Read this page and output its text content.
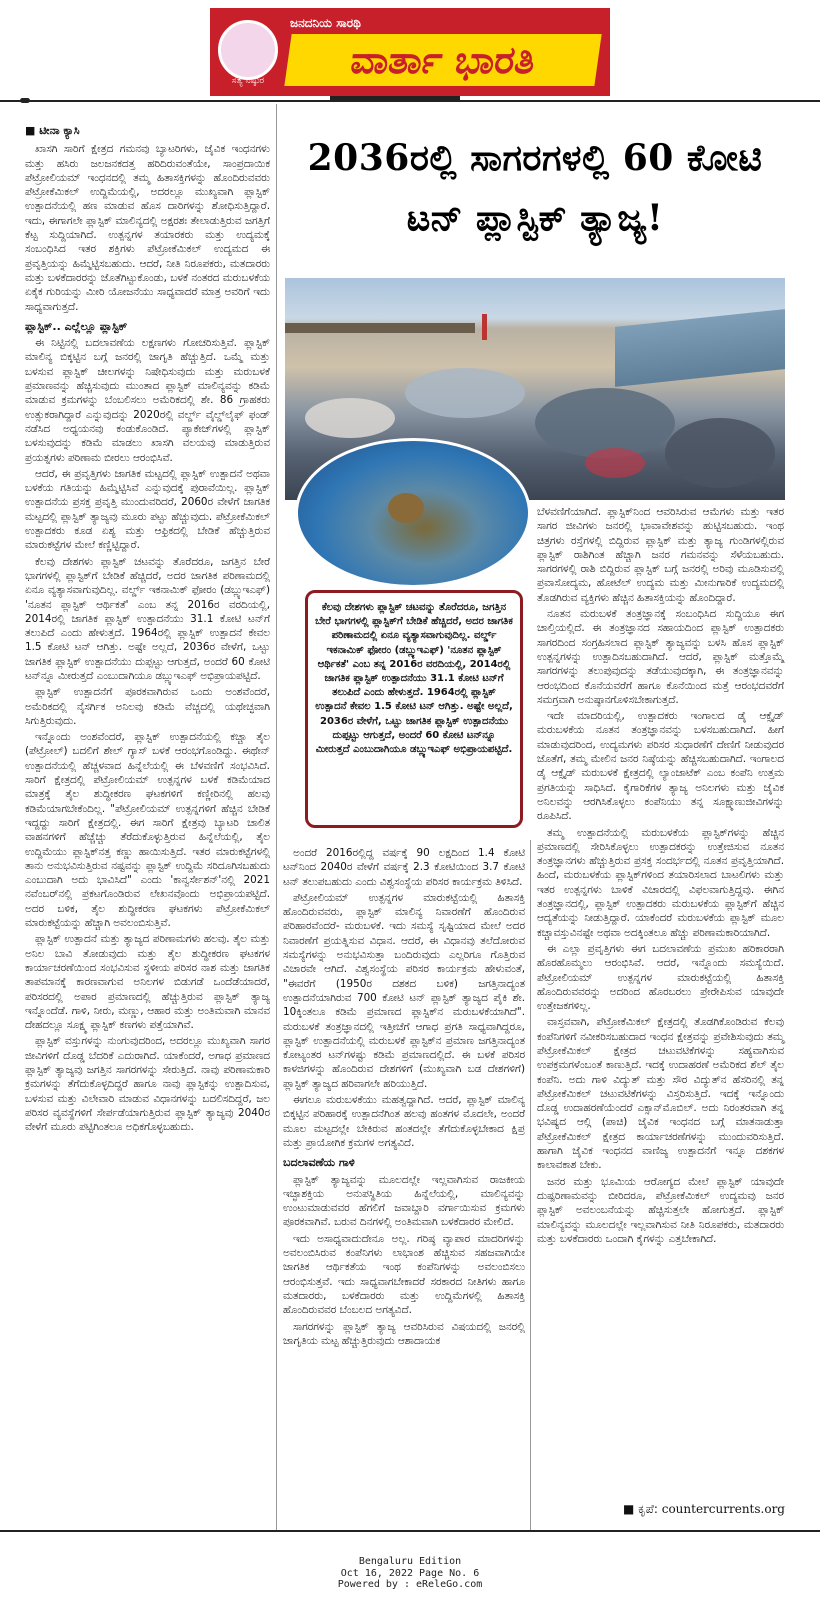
ಸತ್ಯ ನಿಷ್ಠುರ
ಜನದನಿಯ ಸಾರಥಿ
ವಾರ್ತಾ ಭಾರತಿ
2036ರಲ್ಲಿ ಸಾಗರಗಳಲ್ಲಿ 60 ಕೋಟಿ ಟನ್ ಪ್ಲಾಸ್ಟಿಕ್ ತ್ಯಾಜ್ಯ!
ಕೆಲವು ದೇಶಗಳು ಪ್ಲಾಸ್ಟಿಕ್ ಚಟವನ್ನು ತೊರೆದರೂ, ಜಗತ್ತಿನ ಬೇರೆ ಭಾಗಗಳಲ್ಲಿ ಪ್ಲಾಸ್ಟಿಕ್‌ಗೆ ಬೇಡಿಕೆ ಹೆಚ್ಚಿದರೆ, ಅದರ ಜಾಗತಿಕ ಪರಿಣಾಮದಲ್ಲಿ ಏನೂ ವ್ಯತ್ಯಾಸವಾಗುವುದಿಲ್ಲ. ವರ್ಲ್ಡ್ ಇಕನಾಮಿಕ್ ಫೋರಂ (ಡಬ್ಲ್ಯುಇಎಫ್) 'ನೂತನ ಪ್ಲಾಸ್ಟಿಕ್ ಆರ್ಥಿಕತೆ' ಎಂಬ ತನ್ನ 2016ರ ವರದಿಯಲ್ಲಿ, 2014ರಲ್ಲಿ ಜಾಗತಿಕ ಪ್ಲಾಸ್ಟಿಕ್ ಉತ್ಪಾದನೆಯು 31.1 ಕೋಟಿ ಟನ್‌ಗೆ ತಲುಪಿದೆ ಎಂದು ಹೇಳುತ್ತದೆ. 1964ರಲ್ಲಿ ಪ್ಲಾಸ್ಟಿಕ್ ಉತ್ಪಾದನೆ ಕೇವಲ 1.5 ಕೋಟಿ ಟನ್ ಆಗಿತ್ತು. ಅಷ್ಟೇ ಅಲ್ಲದೆ, 2036ರ ವೇಳೆಗೆ, ಒಟ್ಟು ಜಾಗತಿಕ ಪ್ಲಾಸ್ಟಿಕ್ ಉತ್ಪಾದನೆಯು ದುಪ್ಪಟ್ಟು ಆಗುತ್ತದೆ, ಅಂದರೆ 60 ಕೋಟಿ ಟನ್‌ನ್ನೂ ಮೀರುತ್ತದೆ ಎಂಬುದಾಗಿಯೂ ಡಬ್ಲ್ಯುಇಎಫ್ ಅಭಿಪ್ರಾಯಪಟ್ಟಿದೆ.
■ ಟೀನಾ ಕ್ಯಾಸಿ

ಖಾಸಗಿ ಸಾರಿಗೆ ಕ್ಷೇತ್ರದ ಗಮನವು ಬ್ಯಾಟರಿಗಳು, ಜೈವಿಕ ಇಂಧನಗಳು ಮತ್ತು ಹಸಿರು ಜಲಜನಕದತ್ತ ಹರಿದಿರುವಂತೆಯೇ, ಸಾಂಪ್ರದಾಯಿಕ ಪೆಟ್ರೋಲಿಯಮ್ ಇಂಧನದಲ್ಲಿ ತಮ್ಮ ಹಿತಾಸಕ್ತಿಗಳನ್ನು ಹೊಂದಿರುವವರು ಪೆಟ್ರೋಕೆಮಿಕಲ್ ಉದ್ದಿಮೆಯಲ್ಲಿ, ಅದರಲ್ಲೂ ಮುಖ್ಯವಾಗಿ ಪ್ಲಾಸ್ಟಿಕ್ ಉತ್ಪಾದನೆಯಲ್ಲಿ ಹಣ ಮಾಡುವ ಹೊಸ ದಾರಿಗಳನ್ನು ಶೋಧಿಸುತ್ತಿದ್ದಾರೆ. ಇದು, ಈಗಾಗಲೇ ಪ್ಲಾಸ್ಟಿಕ್ ಮಾಲಿನ್ಯದಲ್ಲಿ ಅಕ್ಷರಶಃ ತೇಲಾಡುತ್ತಿರುವ ಜಗತ್ತಿಗೆ ಕೆಟ್ಟ ಸುದ್ದಿಯಾಗಿದೆ. ಉತ್ಪನ್ನಗಳ ತಯಾರಕರು ಮತ್ತು ಉದ್ಯಮಕ್ಕೆ ಸಂಬಂಧಿಸಿದ ಇತರ ಶಕ್ತಿಗಳು ಪೆಟ್ರೋಕೆಮಿಕಲ್ ಉದ್ಯಮದ ಈ ಪ್ರವೃತ್ತಿಯನ್ನು ಹಿಮ್ಮೆಟ್ಟಿಸಬಹುದು. ಆದರೆ, ನೀತಿ ನಿರೂಪಕರು, ಮತದಾರರು ಮತ್ತು ಬಳಕೆದಾರರನ್ನು ಜೊತೆಗಿಟ್ಟುಕೊಂಡು, ಬಳಕೆ ನಂತರದ ಮರುಬಳಕೆಯ ಏಕೈಕ ಗುರಿಯನ್ನು ಮೀರಿ ಯೋಜನೆಯು ಸಾಧ್ಯವಾದರೆ ಮಾತ್ರ ಅವರಿಗೆ ಇದು ಸಾಧ್ಯವಾಗುತ್ತದೆ.

ಪ್ಲಾಸ್ಟಿಕ್.. ಎಲ್ಲೆಲ್ಲೂ ಪ್ಲಾಸ್ಟಿಕ್

ಈ ನಿಟ್ಟಿನಲ್ಲಿ ಬದಲಾವಣೆಯ ಲಕ್ಷಣಗಳು ಗೋಚರಿಸುತ್ತಿವೆ. ಪ್ಲಾಸ್ಟಿಕ್ ಮಾಲಿನ್ಯ ಬಿಕ್ಕಟ್ಟಿನ ಬಗ್ಗೆ ಜನರಲ್ಲಿ ಜಾಗೃತಿ ಹೆಚ್ಚುತ್ತಿದೆ. ಒಮ್ಮೆ ಮತ್ತು ಬಳಸುವ ಪ್ಲಾಸ್ಟಿಕ್ ಚೀಲಗಳನ್ನು ನಿಷೇಧಿಸುವುದು ಮತ್ತು ಮರುಬಳಕೆ ಪ್ರಮಾಣವನ್ನು ಹೆಚ್ಚಿಸುವುದು ಮುಂತಾದ ಪ್ಲಾಸ್ಟಿಕ್ ಮಾಲಿನ್ಯವನ್ನು ಕಡಿಮೆ ಮಾಡುವ ಕ್ರಮಗಳನ್ನು ಬೆಂಬಲಿಸಲು ಅಮೆರಿಕದಲ್ಲಿ ಶೇ. 86 ಗ್ರಾಹಕರು ಉತ್ಸುಕರಾಗಿದ್ದಾರೆ ಎನ್ನುವುದನ್ನು 2020ರಲ್ಲಿ ವರ್ಲ್ಡ್ ವೈಲ್ಡ್‌ಲೈಫ್ ಫಂಡ್ ನಡೆಸಿದ ಅಧ್ಯಯನವು ಕಂಡುಕೊಂಡಿದೆ. ಪ್ಯಾಕೇಜ್‌ಗಳಲ್ಲಿ ಪ್ಲಾಸ್ಟಿಕ್ ಬಳಸುವುದನ್ನು ಕಡಿಮೆ ಮಾಡಲು ಖಾಸಗಿ ವಲಯವು ಮಾಡುತ್ತಿರುವ ಪ್ರಯತ್ನಗಳು ಪರಿಣಾಮ ಬೀರಲು ಆರಂಭಿಸಿವೆ.

ಆದರೆ, ಈ ಪ್ರವೃತ್ತಿಗಳು ಜಾಗತಿಕ ಮಟ್ಟದಲ್ಲಿ ಪ್ಲಾಸ್ಟಿಕ್ ಉತ್ಪಾದನೆ ಅಥವಾ ಬಳಕೆಯ ಗತಿಯನ್ನು ಹಿಮ್ಮೆಟ್ಟಿಸಿವೆ ಎನ್ನುವುದಕ್ಕೆ ಪುರಾವೆಯಿಲ್ಲ. ಪ್ಲಾಸ್ಟಿಕ್ ಉತ್ಪಾದನೆಯ ಪ್ರಸಕ್ತ ಪ್ರವೃತ್ತಿ ಮುಂದುವರಿದರೆ, 2060ರ ವೇಳೆಗೆ ಜಾಗತಿಕ ಮಟ್ಟದಲ್ಲಿ ಪ್ಲಾಸ್ಟಿಕ್ ತ್ಯಾಜ್ಯವು ಮೂರು ಪಟ್ಟು ಹೆಚ್ಚುವುದು. ಪೆಟ್ರೋಕೆಮಿಕಲ್ ಉತ್ಪಾದಕರು ಕೂಡ ಏಶ್ಯ ಮತ್ತು ಆಫ್ರಿಕದಲ್ಲಿ ಬೇಡಿಕೆ ಹೆಚ್ಚುತ್ತಿರುವ ಮಾರುಕಟ್ಟೆಗಳ ಮೇಲೆ ಕಣ್ಣಿಟ್ಟಿದ್ದಾರೆ.

ಕೆಲವು ದೇಶಗಳು ಪ್ಲಾಸ್ಟಿಕ್ ಚಟವನ್ನು ತೊರೆದರೂ, ಜಗತ್ತಿನ ಬೇರೆ ಭಾಗಗಳಲ್ಲಿ ಪ್ಲಾಸ್ಟಿಕ್‌ಗೆ ಬೇಡಿಕೆ ಹೆಚ್ಚಿದರೆ, ಅದರ ಜಾಗತಿಕ ಪರಿಣಾಮದಲ್ಲಿ ಏನೂ ವ್ಯತ್ಯಾಸವಾಗುವುದಿಲ್ಲ. ವರ್ಲ್ಡ್ ಇಕನಾಮಿಕ್ ಫೋರಂ (ಡಬ್ಲ್ಯುಇಎಫ್) 'ನೂತನ ಪ್ಲಾಸ್ಟಿಕ್ ಆರ್ಥಿಕತೆ' ಎಂಬ ತನ್ನ 2016ರ ವರದಿಯಲ್ಲಿ, 2014ರಲ್ಲಿ ಜಾಗತಿಕ ಪ್ಲಾಸ್ಟಿಕ್ ಉತ್ಪಾದನೆಯು 31.1 ಕೋಟಿ ಟನ್‌ಗೆ ತಲುಪಿದೆ ಎಂದು ಹೇಳುತ್ತದೆ. 1964ರಲ್ಲಿ ಪ್ಲಾಸ್ಟಿಕ್ ಉತ್ಪಾದನೆ ಕೇವಲ 1.5 ಕೋಟಿ ಟನ್ ಆಗಿತ್ತು. ಅಷ್ಟೇ ಅಲ್ಲದೆ, 2036ರ ವೇಳೆಗೆ, ಒಟ್ಟು ಜಾಗತಿಕ ಪ್ಲಾಸ್ಟಿಕ್ ಉತ್ಪಾದನೆಯು ದುಪ್ಪಟ್ಟು ಆಗುತ್ತದೆ, ಅಂದರೆ 60 ಕೋಟಿ ಟನ್‌ನ್ನೂ ಮೀರುತ್ತದೆ ಎಂಬುದಾಗಿಯೂ ಡಬ್ಲ್ಯುಇಎಫ್ ಅಭಿಪ್ರಾಯಪಟ್ಟಿದೆ.

ಪ್ಲಾಸ್ಟಿಕ್ ಉತ್ಪಾದನೆಗೆ ಪೂರಕವಾಗಿರುವ ಒಂದು ಅಂಶವೆಂದರೆ, ಅಮೆರಿಕದಲ್ಲಿ ನೈಸರ್ಗಿಕ ಅನಿಲವು ಕಡಿಮೆ ವೆಚ್ಚದಲ್ಲಿ ಯಥೇಚ್ಛವಾಗಿ ಸಿಗುತ್ತಿರುವುದು.

ಇನ್ನೊಂದು ಅಂಶವೆಂದರೆ, ಪ್ಲಾಸ್ಟಿಕ್ ಉತ್ಪಾದನೆಯಲ್ಲಿ ಕಚ್ಚಾ ತೈಲ (ಪೆಟ್ರೋಲ್) ಬದಲಿಗೆ ಶೇಲ್ ಗ್ಯಾಸ್ ಬಳಕೆ ಆರಂಭಗೊಂಡಿದ್ದು. ಈಥೇನ್ ಉತ್ಪಾದನೆಯಲ್ಲಿ ಹೆಚ್ಚಳವಾದ ಹಿನ್ನೆಲೆಯಲ್ಲಿ ಈ ಬೆಳವಣಿಗೆ ಸಂಭವಿಸಿದೆ. ಸಾರಿಗೆ ಕ್ಷೇತ್ರದಲ್ಲಿ ಪೆಟ್ರೋಲಿಯಮ್ ಉತ್ಪನ್ನಗಳ ಬಳಕೆ ಕಡಿಮೆಯಾದ ಮಾತ್ರಕ್ಕೆ ತೈಲ ಶುದ್ಧೀಕರಣ ಘಟಕಗಳಿಗೆ ಕಣ್ಣೀರಿನಲ್ಲಿ ಹಲವು ಕಡಿಮೆಯಾಗಬೇಕೆಂದಿಲ್ಲ. "ಪೆಟ್ರೋಲಿಯಮ್ ಉತ್ಪನ್ನಗಳಿಗೆ ಹೆಚ್ಚಿನ ಬೇಡಿಕೆ ಇದ್ದದ್ದು ಸಾರಿಗೆ ಕ್ಷೇತ್ರದಲ್ಲಿ. ಈಗ ಸಾರಿಗೆ ಕ್ಷೇತ್ರವು ಬ್ಯಾಟರಿ ಚಾಲಿತ ವಾಹನಗಳಿಗೆ ಹೆಚ್ಚೆಚ್ಚು ತೆರೆದುಕೊಳ್ಳುತ್ತಿರುವ ಹಿನ್ನೆಲೆಯಲ್ಲಿ, ತೈಲ ಉದ್ದಿಮೆಯು ಪ್ಲಾಸ್ಟಿಕ್‌ನತ್ತ ಕಣ್ಣು ಹಾಯಿಸುತ್ತಿದೆ. ಇತರ ಮಾರುಕಟ್ಟೆಗಳಲ್ಲಿ ತಾನು ಅನುಭವಿಸುತ್ತಿರುವ ನಷ್ಟವನ್ನು ಪ್ಲಾಸ್ಟಿಕ್ ಉದ್ದಿಮೆ ಸರಿದೂಗಿಸಬಹುದು ಎಂಬುದಾಗಿ ಅದು ಭಾವಿಸಿದೆ" ಎಂದು 'ಕಾನ್ವರ್ಸೇಶನ್'ನಲ್ಲಿ 2021 ನವೆಂಬರ್‌ನಲ್ಲಿ ಪ್ರಕಟಗೊಂಡಿರುವ ಲೇಖನವೊಂದು ಅಭಿಪ್ರಾಯಪಟ್ಟಿದೆ. ಅದರ ಬಳಿಕ, ತೈಲ ಶುದ್ಧೀಕರಣ ಘಟಕಗಳು ಪೆಟ್ರೋಕೆಮಿಕಲ್ ಮಾರುಕಟ್ಟೆಯನ್ನು ಹೆಚ್ಚಾಗಿ ಅವಲಂಬಿಸುತ್ತಿವೆ.

ಪ್ಲಾಸ್ಟಿಕ್ ಉತ್ಪಾದನೆ ಮತ್ತು ತ್ಯಾಜ್ಯದ ಪರಿಣಾಮಗಳು ಹಲವು. ತೈಲ ಮತ್ತು ಅನಿಲ ಬಾವಿ ತೋಡುವುದು ಮತ್ತು ತೈಲ ಶುದ್ಧೀಕರಣ ಘಟಕಗಳ ಕಾರ್ಯಾಚರಣೆಯಿಂದ ಸಂಭವಿಸುವ ಸ್ಥಳೀಯ ಪರಿಸರ ನಾಶ ಮತ್ತು ಜಾಗತಿಕ ತಾಪಮಾನಕ್ಕೆ ಕಾರಣವಾಗುವ ಅನಿಲಗಳ ಬಿಡುಗಡೆ ಒಂದೆಡೆಯಾದರೆ, ಪರಿಸರದಲ್ಲಿ ಅಪಾರ ಪ್ರಮಾಣದಲ್ಲಿ ಹೆಚ್ಚುತ್ತಿರುವ ಪ್ಲಾಸ್ಟಿಕ್ ತ್ಯಾಜ್ಯ ಇನ್ನೊಂದೆಡೆ. ಗಾಳಿ, ನೀರು, ಮಣ್ಣು, ಆಹಾರ ಮತ್ತು ಅಂತಿಮವಾಗಿ ಮಾನವ ದೇಹದಲ್ಲೂ ಸೂಕ್ಷ್ಮ ಪ್ಲಾಸ್ಟಿಕ್ ಕಣಗಳು ಪತ್ತೆಯಾಗಿವೆ.

ಪ್ಲಾಸ್ಟಿಕ್ ವಸ್ತುಗಳನ್ನು ನುಂಗುವುದರಿಂದ, ಅದರಲ್ಲೂ ಮುಖ್ಯವಾಗಿ ಸಾಗರ ಜೀವಿಗಳಿಗೆ ದೊಡ್ಡ ಬೆದರಿಕೆ ಎದುರಾಗಿದೆ. ಯಾಕೆಂದರೆ, ಅಗಾಧ ಪ್ರಮಾಣದ ಪ್ಲಾಸ್ಟಿಕ್ ತ್ಯಾಜ್ಯವು ಜಗತ್ತಿನ ಸಾಗರಗಳನ್ನು ಸೇರುತ್ತಿದೆ. ನಾವು ಪರಿಣಾಮಕಾರಿ ಕ್ರಮಗಳನ್ನು ತೆಗೆದುಕೊಳ್ಳದಿದ್ದರೆ ಹಾಗೂ ನಾವು ಪ್ಲಾಸ್ಟಿಕನ್ನು ಉತ್ಪಾದಿಸುವ, ಬಳಸುವ ಮತ್ತು ವಿಲೇವಾರಿ ಮಾಡುವ ವಿಧಾನಗಳನ್ನು ಬದಲಿಸದಿದ್ದರೆ, ಜಲ ಪರಿಸರ ವ್ಯವಸ್ಥೆಗಳಿಗೆ ಸೇರ್ಪಡೆಯಾಗುತ್ತಿರುವ ಪ್ಲಾಸ್ಟಿಕ್ ತ್ಯಾಜ್ಯವು 2040ರ ವೇಳೆಗೆ ಮೂರು ಪಟ್ಟಿಗಿಂತಲೂ ಅಧಿಕಗೊಳ್ಳಬಹುದು.

ಅಂದರೆ 2016ರಲ್ಲಿದ್ದ ವರ್ಷಕ್ಕೆ 90 ಲಕ್ಷದಿಂದ 1.4 ಕೋಟಿ ಟನ್‌ನಿಂದ 2040ರ ವೇಳೆಗೆ ವರ್ಷಕ್ಕೆ 2.3 ಕೋಟಿಯಿಂದ 3.7 ಕೋಟಿ ಟನ್ ತಲುಪಬಹುದು ಎಂದು ವಿಶ್ವಸಂಸ್ಥೆಯ ಪರಿಸರ ಕಾರ್ಯಕ್ರಮ ತಿಳಿಸಿದೆ.

ಪೆಟ್ರೋಲಿಯಮ್ ಉತ್ಪನ್ನಗಳ ಮಾರುಕಟ್ಟೆಯಲ್ಲಿ ಹಿತಾಸಕ್ತಿ ಹೊಂದಿರುವವರು, ಪ್ಲಾಸ್ಟಿಕ್ ಮಾಲಿನ್ಯ ನಿವಾರಣೆಗೆ ಹೊಂದಿರುವ ಪರಿಹಾರವೆಂದರೆ- ಮರುಬಳಕೆ. ಇದು ಸಮಸ್ಯೆ ಸೃಷ್ಟಿಯಾದ ಮೇಲೆ ಅದರ ನಿವಾರಣೆಗೆ ಪ್ರಯತ್ನಿಸುವ ವಿಧಾನ. ಆದರೆ, ಈ ವಿಧಾನವು ತಲೆದೋರುವ ಸಮಸ್ಯೆಗಳನ್ನು ಅನುಭವಿಸುತ್ತಾ ಬಂದಿರುವುದು ಎಲ್ಲರಿಗೂ ಗೊತ್ತಿರುವ ವಿಚಾರವೇ ಆಗಿದೆ. ವಿಶ್ವಸಂಸ್ಥೆಯ ಪರಿಸರ ಕಾರ್ಯಕ್ರಮ ಹೇಳುವಂತೆ, "ಈವರೆಗೆ (1950ರ ದಶಕದ ಬಳಿಕ) ಜಗತ್ತಿನಾದ್ಯಂತ ಉತ್ಪಾದನೆಯಾಗಿರುವ 700 ಕೋಟಿ ಟನ್ ಪ್ಲಾಸ್ಟಿಕ್ ತ್ಯಾಜ್ಯದ ಪೈಕಿ ಶೇ. 10ಕ್ಕಿಂತಲೂ ಕಡಿಮೆ ಪ್ರಮಾಣದ ಪ್ಲಾಸ್ಟಿಕ್‌ನ ಮರುಬಳಕೆಯಾಗಿದೆ". ಮರುಬಳಕೆ ತಂತ್ರಜ್ಞಾನದಲ್ಲಿ ಇತ್ತೀಚೆಗೆ ಆಗಾಧ ಪ್ರಗತಿ ಸಾಧ್ಯವಾಗಿದ್ದರೂ, ಪ್ಲಾಸ್ಟಿಕ್ ಉತ್ಪಾದನೆಯಲ್ಲಿ ಮರುಬಳಕೆ ಪ್ಲಾಸ್ಟಿಕ್‌ನ ಪ್ರಮಾಣ ಜಗತ್ತಿನಾದ್ಯಂತ ಕೋಟ್ಯಂತರ ಟನ್‌ಗಳಷ್ಟು ಕಡಿಮೆ ಪ್ರಮಾಣದಲ್ಲಿದೆ. ಈ ಬಳಕೆ ಪರಿಸರ ಕಾಳಜಿಗಳನ್ನು ಹೊಂದಿರುವ ದೇಶಗಳಿಗೆ (ಮುಖ್ಯವಾಗಿ ಬಡ ದೇಶಗಳಿಗೆ) ಪ್ಲಾಸ್ಟಿಕ್ ತ್ಯಾಜ್ಯದ ಹರಿವಾಗಲೇ ಹರಿಯುತ್ತಿದೆ.

ಈಗಲೂ ಮರುಬಳಕೆಯು ಮಹತ್ವದ್ದಾಗಿದೆ. ಆದರೆ, ಪ್ಲಾಸ್ಟಿಕ್ ಮಾಲಿನ್ಯ ಬಿಕ್ಕಟ್ಟಿನ ಪರಿಹಾರಕ್ಕೆ ಉತ್ಪಾದನೆಗಿಂತ ಹಲವು ಹಂತಗಳ ಮೊದಲೇ, ಅಂದರೆ ಮೂಲ ಮಟ್ಟದಲ್ಲೇ ಬೇಕಿರುವ ಹಂತದಲ್ಲೇ ತೆಗೆದುಕೊಳ್ಳಬೇಕಾದ ಕ್ಷಿಪ್ರ ಮತ್ತು ಪ್ರಾಯೋಗಿಕ ಕ್ರಮಗಳ ಅಗತ್ಯವಿದೆ.

ಬದಲಾವಣೆಯ ಗಾಳಿ

ಪ್ಲಾಸ್ಟಿಕ್ ತ್ಯಾಜ್ಯವನ್ನು ಮೂಲದಲ್ಲೇ ಇಲ್ಲವಾಗಿಸುವ ರಾಜಕೀಯ ಇಚ್ಛಾಶಕ್ತಿಯ ಅನುಪಸ್ಥಿತಿಯ ಹಿನ್ನೆಲೆಯಲ್ಲಿ, ಮಾಲಿನ್ಯವನ್ನು ಉಂಟುಮಾಡುವವರ ಹೆಗಲಿಗೆ ಜವಾಬ್ದಾರಿ ವರ್ಗಾಯಿಸುವ ಕ್ರಮಗಳು ಪೂರಕವಾಗಿವೆ. ಬರುವ ದಿನಗಳಲ್ಲಿ ಅಂತಿಮವಾಗಿ ಬಳಕೆದಾರರ ಮೇಲಿದೆ.

ಇದು ಅಸಾಧ್ಯವಾದುದೇನೂ ಅಲ್ಲ. ಗರಿಷ್ಠ ವ್ಯಾಪಾರ ಮಾದರಿಗಳನ್ನು ಅವಲಂಬಿಸಿರುವ ಕಂಪೆನಿಗಳು ಲಾಭಾಂಶ ಹೆಚ್ಚಿಸುವ ಸಹಜವಾಗಿಯೇ ಜಾಗತಿಕ ಆರ್ಥಿಕತೆಯ ಇಂಥ ಕಂಪೆನಿಗಳನ್ನು ಅವಲಂಬಿಸಲು ಆರಂಭಿಸುತ್ತವೆ. ಇದು ಸಾಧ್ಯವಾಗಬೇಕಾದರೆ ಸರಕಾರದ ನೀತಿಗಳು ಹಾಗೂ ಮತದಾರರು, ಬಳಕೆದಾರರು ಮತ್ತು ಉದ್ದಿಮೆಗಳಲ್ಲಿ ಹಿತಾಸಕ್ತಿ ಹೊಂದಿರುವವರ ಬೆಂಬಲದ ಅಗತ್ಯವಿದೆ.

ಸಾಗರಗಳನ್ನು ಪ್ಲಾಸ್ಟಿಕ್ ತ್ಯಾಜ್ಯ ಆವರಿಸಿರುವ ವಿಷಯದಲ್ಲಿ ಜನರಲ್ಲಿ ಜಾಗೃತಿಯ ಮಟ್ಟ ಹೆಚ್ಚುತ್ತಿರುವುದು ಆಶಾದಾಯಕ

ಬೆಳವಣಿಗೆಯಾಗಿದೆ. ಪ್ಲಾಸ್ಟಿಕ್‌ನಿಂದ ಆವರಿಸಿರುವ ಆಮೆಗಳು ಮತ್ತು ಇತರ ಸಾಗರ ಜೀವಿಗಳು ಜನರಲ್ಲಿ ಭಾವಾವೇಶವನ್ನು ಹುಟ್ಟಿಸಬಹುದು. ಇಂಥ ಚಿತ್ರಗಳು ರಸ್ತೆಗಳಲ್ಲಿ ಬಿದ್ದಿರುವ ಪ್ಲಾಸ್ಟಿಕ್ ಮತ್ತು ತ್ಯಾಜ್ಯ ಗುಂಡಿಗಳಲ್ಲಿರುವ ಪ್ಲಾಸ್ಟಿಕ್ ರಾಶಿಗಿಂತ ಹೆಚ್ಚಾಗಿ ಜನರ ಗಮನವನ್ನು ಸೆಳೆಯಬಹುದು. ಸಾಗರಗಳಲ್ಲಿ ರಾಶಿ ಬಿದ್ದಿರುವ ಪ್ಲಾಸ್ಟಿಕ್ ಬಗ್ಗೆ ಜನರಲ್ಲಿ ಅರಿವು ಮೂಡಿಸುವಲ್ಲಿ ಪ್ರವಾಸೋದ್ಯಮ, ಹೋಟೆಲ್ ಉದ್ಯಮ ಮತ್ತು ಮೀನುಗಾರಿಕೆ ಉದ್ಯಮದಲ್ಲಿ ತೊಡಗಿರುವ ವ್ಯಕ್ತಿಗಳು ಹೆಚ್ಚಿನ ಹಿತಾಸಕ್ತಿಯನ್ನು ಹೊಂದಿದ್ದಾರೆ.

ನೂತನ ಮರುಬಳಕೆ ತಂತ್ರಜ್ಞಾನಕ್ಕೆ ಸಂಬಂಧಿಸಿದ ಸುದ್ದಿಯೂ ಈಗ ಚಾಲ್ತಿಯಲ್ಲಿದೆ. ಈ ತಂತ್ರಜ್ಞಾನದ ಸಹಾಯದಿಂದ ಪ್ಲಾಸ್ಟಿಕ್ ಉತ್ಪಾದಕರು ಸಾಗರದಿಂದ ಸಂಗ್ರಹಿಸಲಾದ ಪ್ಲಾಸ್ಟಿಕ್ ತ್ಯಾಜ್ಯವನ್ನು ಬಳಸಿ ಹೊಸ ಪ್ಲಾಸ್ಟಿಕ್ ಉತ್ಪನ್ನಗಳನ್ನು ಉತ್ಪಾದಿಸಬಹುದಾಗಿದೆ. ಆದರೆ, ಪ್ಲಾಸ್ಟಿಕ್ ಮತ್ತೊಮ್ಮೆ ಸಾಗರಗಳನ್ನು ತಲುಪುವುದನ್ನು ತಡೆಯುವುದಕ್ಕಾಗಿ, ಈ ತಂತ್ರಜ್ಞಾನವನ್ನು ಆರಂಭದಿಂದ ಕೊನೆಯವರೆಗೆ ಹಾಗೂ ಕೊನೆಯಿಂದ ಮತ್ತೆ ಆರಂಭದವರೆಗೆ ಸಮಗ್ರವಾಗಿ ಅನುಷ್ಠಾನಗೊಳಿಸಬೇಕಾಗುತ್ತದೆ.

ಇದೇ ಮಾದರಿಯಲ್ಲಿ, ಉತ್ಪಾದಕರು ಇಂಗಾಲದ ಡೈ ಆಕ್ಸೈಡ್ ಮರುಬಳಕೆಯ ನೂತನ ತಂತ್ರಜ್ಞಾನವನ್ನು ಬಳಸಬಹುದಾಗಿದೆ. ಹೀಗೆ ಮಾಡುವುದರಿಂದ, ಉದ್ಯಮಗಳು ಪರಿಸರ ಸುಧಾರಣೆಗೆ ದೇಣಿಗೆ ನೀಡುವುದರ ಜೊತೆಗೆ, ತಮ್ಮ ಮೇಲಿನ ಜನರ ನಿಷ್ಠೆಯನ್ನು ಹೆಚ್ಚಿಸಬಹುದಾಗಿದೆ. ಇಂಗಾಲದ ಡೈ ಆಕ್ಸೈಡ್ ಮರುಬಳಕೆ ಕ್ಷೇತ್ರದಲ್ಲಿ ಲ್ಯಾಂಜಾಟೆಕ್ ಎಂಬ ಕಂಪೆನಿ ಉತ್ತಮ ಪ್ರಗತಿಯನ್ನು ಸಾಧಿಸಿದೆ. ಕೈಗಾರಿಕೆಗಳ ತ್ಯಾಜ್ಯ ಅನಿಲಗಳು ಮತ್ತು ಜೈವಿಕ ಅನಿಲವನ್ನು ಆರಗಿಸಿಕೊಳ್ಳಲು ಕಂಪೆನಿಯು ತನ್ನ ಸೂಕ್ಷ್ಮಾಣುಜೀವಿಗಳನ್ನು ರೂಪಿಸಿದೆ.

ತಮ್ಮ ಉತ್ಪಾದನೆಯಲ್ಲಿ ಮರುಬಳಕೆಯ ಪ್ಲಾಸ್ಟಿಕ್‌ಗಳನ್ನು ಹೆಚ್ಚಿನ ಪ್ರಮಾಣದಲ್ಲಿ ಸೇರಿಸಿಕೊಳ್ಳಲು ಉತ್ಪಾದಕರನ್ನು ಉತ್ತೇಜಿಸುವ ನೂತನ ತಂತ್ರಜ್ಞಾನಗಳು ಹೆಚ್ಚುತ್ತಿರುವ ಪ್ರಸಕ್ತ ಸಂದರ್ಭದಲ್ಲಿ ನೂತನ ಪ್ರವೃತ್ತಿಯಾಗಿದೆ. ಹಿಂದೆ, ಮರುಬಳಕೆಯ ಪ್ಲಾಸ್ಟಿಕ್‌ಗಳಿಂದ ತಯಾರಿಸಲಾದ ಬಾಟಲಿಗಳು ಮತ್ತು ಇತರ ಉತ್ಪನ್ನಗಳು ಬಾಳಿಕೆ ವಿಚಾರದಲ್ಲಿ ವಿಫಲವಾಗುತ್ತಿದ್ದವು. ಈಗಿನ ತಂತ್ರಜ್ಞಾನದಲ್ಲಿ, ಪ್ಲಾಸ್ಟಿಕ್ ಉತ್ಪಾದಕರು ಮರುಬಳಕೆಯ ಪ್ಲಾಸ್ಟಿಕ್‌ಗೆ ಹೆಚ್ಚಿನ ಆದ್ಯತೆಯನ್ನು ನೀಡುತ್ತಿದ್ದಾರೆ. ಯಾಕೆಂದರೆ ಮರುಬಳಕೆಯ ಪ್ಲಾಸ್ಟಿಕ್ ಮೂಲ ಕಚ್ಚಾವಸ್ತುವಿನಷ್ಟೇ ಅಥವಾ ಅದಕ್ಕಿಂತಲೂ ಹೆಚ್ಚು ಪರಿಣಾಮಕಾರಿಯಾಗಿದೆ.

ಈ ಎಲ್ಲಾ ಪ್ರವೃತ್ತಿಗಳು ಈಗ ಬದಲಾವಣೆಯ ಪ್ರಮುಖ ಹರಿಕಾರರಾಗಿ ಹೊರಹೊಮ್ಮಲು ಆರಂಭಿಸಿವೆ. ಆದರೆ, ಇನ್ನೊಂದು ಸಮಸ್ಯೆಯಿದೆ. ಪೆಟ್ರೋಲಿಯಮ್ ಉತ್ಪನ್ನಗಳ ಮಾರುಕಟ್ಟೆಯಲ್ಲಿ ಹಿತಾಸಕ್ತಿ ಹೊಂದಿರುವವರನ್ನು ಅದರಿಂದ ಹೊರಬರಲು ಪ್ರೇರೇಪಿಸುವ ಯಾವುದೇ ಉತ್ತೇಜಕಗಳಿಲ್ಲ.

ವಾಸ್ತವವಾಗಿ, ಪೆಟ್ರೋಕೆಮಿಕಲ್ ಕ್ಷೇತ್ರದಲ್ಲಿ ತೊಡಗಿಕೊಂಡಿರುವ ಕೆಲವು ಕಂಪೆನಿಗಳಿಗೆ ನವೀಕರಿಸಬಹುದಾದ ಇಂಧನ ಕ್ಷೇತ್ರವನ್ನು ಪ್ರವೇಶಿಸುವುದು ತಮ್ಮ ಪೆಟ್ರೋಕೆಮಿಕಲ್ ಕ್ಷೇತ್ರದ ಚಟುವಟಿಕೆಗಳನ್ನು ಸಹ್ಯವಾಗಿಸುವ ಉಪಕ್ರಮಗಳೆಂಬಂತೆ ಕಾಣುತ್ತಿದೆ. ಇದಕ್ಕೆ ಉದಾಹರಣೆ ಅಮೆರಿಕದ ಶೆಲ್ ತೈಲ ಕಂಪೆನಿ. ಅದು ಗಾಳಿ ವಿದ್ಯುತ್ ಮತ್ತು ಸೌರ ವಿದ್ಯುತ್‌ನ ಹೆಸರಿನಲ್ಲಿ ತನ್ನ ಪೆಟ್ರೋಕೆಮಿಕಲ್ ಚಟುವಟಿಕೆಗಳನ್ನು ವಿಸ್ತರಿಸುತ್ತಿದೆ. ಇದಕ್ಕೆ ಇನ್ನೊಂದು ದೊಡ್ಡ ಉದಾಹರಣೆಯೆಂದರೆ ಎಕ್ಸಾನ್‌ಮೊಬಿಲ್. ಅದು ನಿರಂತರವಾಗಿ ತನ್ನ ಭವಿಷ್ಯದ ಆಲ್ಗಿ (ಪಾಚಿ) ಜೈವಿಕ ಇಂಧನದ ಬಗ್ಗೆ ಮಾತನಾಡುತ್ತಾ ಪೆಟ್ರೋಕೆಮಿಕಲ್ ಕ್ಷೇತ್ರದ ಕಾರ್ಯಾಚರಣೆಗಳನ್ನು ಮುಂದುವರಿಸುತ್ತಿದೆ. ಹಾಗಾಗಿ ಜೈವಿಕ ಇಂಧನದ ವಾಣಿಜ್ಯ ಉತ್ಪಾದನೆಗೆ ಇನ್ನೂ ದಶಕಗಳ ಕಾಲಾವಕಾಶ ಬೇಕು.

ಜನರ ಮತ್ತು ಭೂಮಿಯ ಆರೋಗ್ಯದ ಮೇಲೆ ಪ್ಲಾಸ್ಟಿಕ್ ಯಾವುದೇ ದುಷ್ಪರಿಣಾಮವನ್ನು ಬೀರಿದರೂ, ಪೆಟ್ರೋಕೆಮಿಕಲ್ ಉದ್ಯಮವು ಜನರ ಪ್ಲಾಸ್ಟಿಕ್ ಅವಲಂಬನೆಯನ್ನು ಹೆಚ್ಚಿಸುತ್ತಲೇ ಹೋಗುತ್ತದೆ. ಪ್ಲಾಸ್ಟಿಕ್ ಮಾಲಿನ್ಯವನ್ನು ಮೂಲದಲ್ಲೇ ಇಲ್ಲವಾಗಿಸುವ ನೀತಿ ನಿರೂಪಕರು, ಮತದಾರರು ಮತ್ತು ಬಳಕೆದಾರರು ಒಂದಾಗಿ ಕೈಗಳನ್ನು ಎತ್ತಬೇಕಾಗಿದೆ.

■ ಕೃಪೆ: countercurrents.org
Bengaluru Edition
Oct 16, 2022 Page No. 6
Powered by : eReleGo.com
